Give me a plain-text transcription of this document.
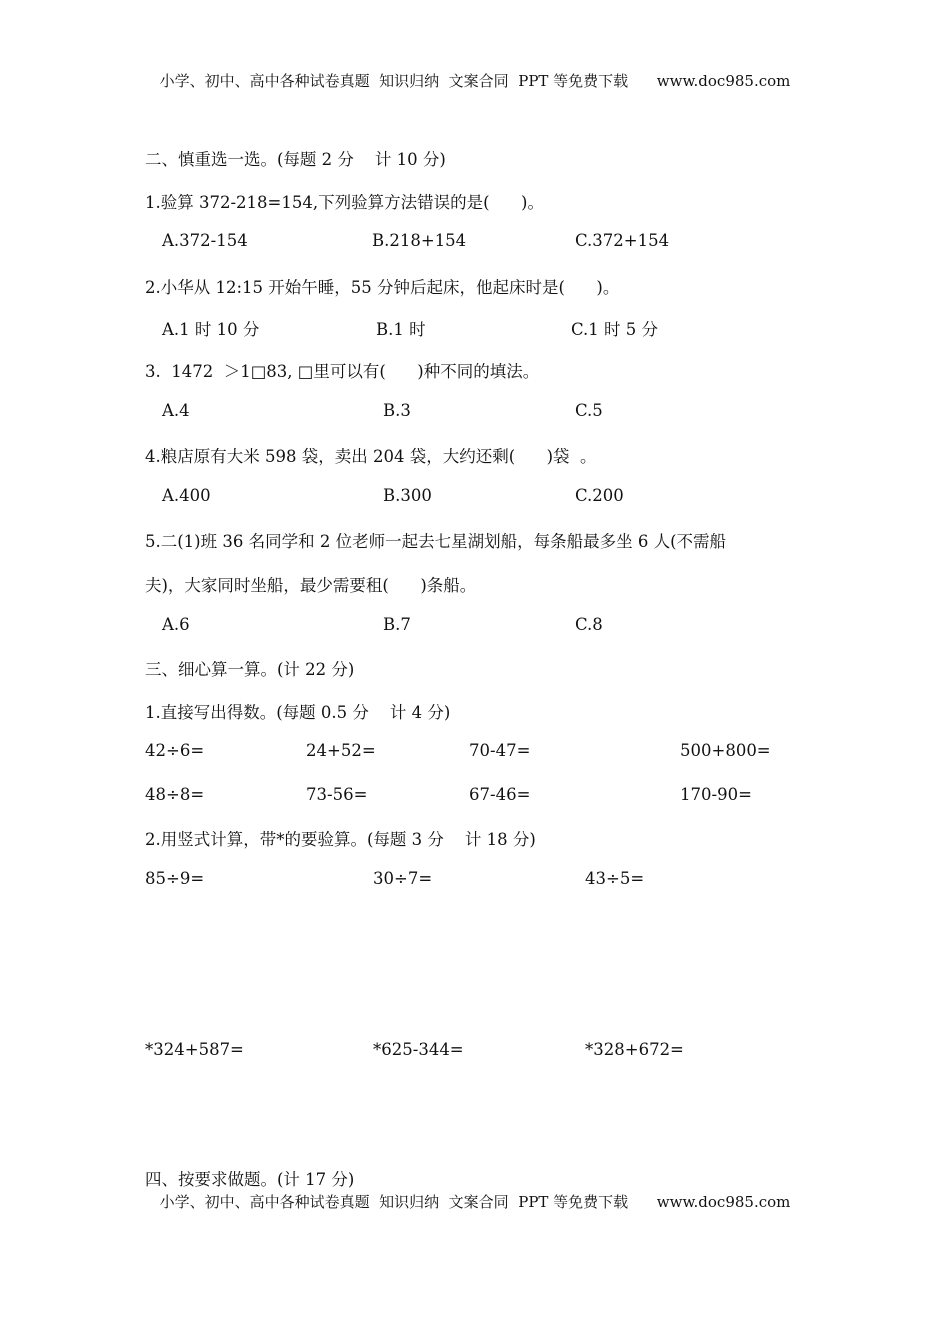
小学、初中、高中各种试卷真题  知识归纳  文案合同  PPT 等免费下载      www.doc985.com
二、慎重选一选。(每题 2 分    计 10 分)
1.验算 372-218=154,下列验算方法错误的是(      )。
A.372-154	B.218+154	C.372+154
2.小华从 12:15 开始午睡，55 分钟后起床，他起床时是(      )。
A.1 时 10 分	B.1 时	C.1 时 5 分
3.  1472  ＞1□83, □里可以有(      )种不同的填法。
A.4	B.3	C.5
4.粮店原有大米 598 袋，卖出 204 袋，大约还剩(      )袋  。
A.400	B.300	C.200
5.二(1)班 36 名同学和 2 位老师一起去七星湖划船，每条船最多坐 6 人(不需船
夫)，大家同时坐船，最少需要租(      )条船。
A.6	B.7	C.8
三、细心算一算。(计 22 分)
1.直接写出得数。(每题 0.5 分    计 4 分)
42÷6=	24+52=	70-47=	500+800=
48÷8=	73-56=	67-46=	170-90=
2.用竖式计算，带*的要验算。(每题 3 分    计 18 分)
85÷9=	30÷7=	43÷5=
*324+587=	*625-344=	*328+672=
四、按要求做题。(计 17 分)
小学、初中、高中各种试卷真题  知识归纳  文案合同  PPT 等免费下载      www.doc985.com
